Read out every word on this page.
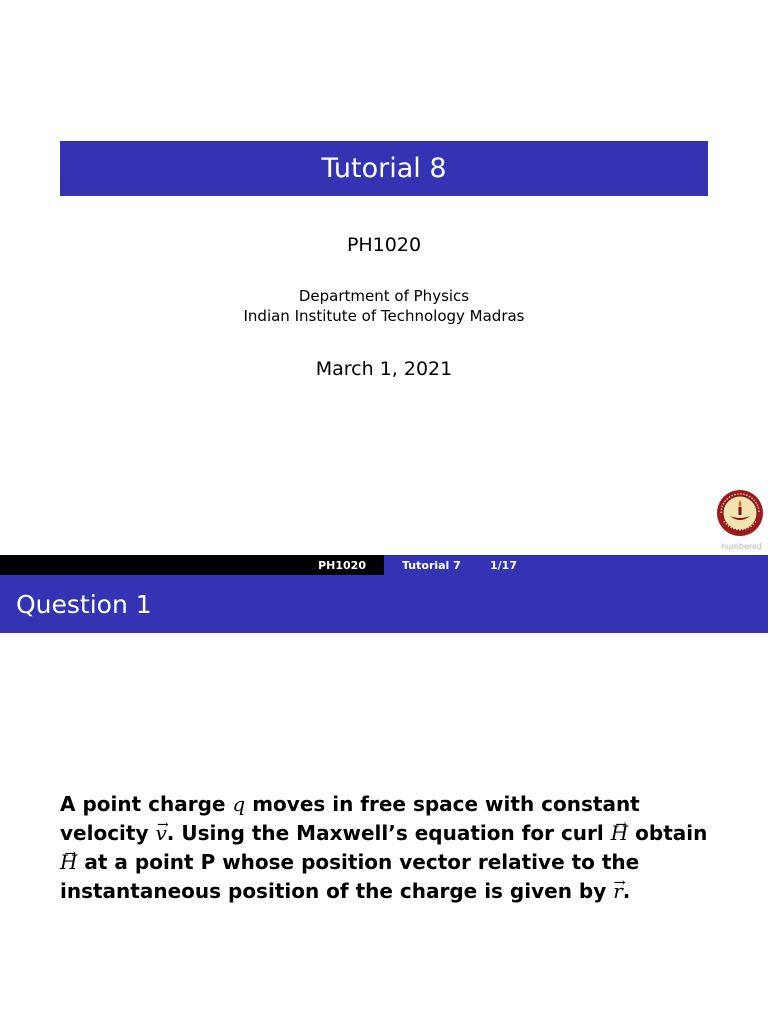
Tutorial 8
PH1020
Department of Physics
Indian Institute of Technology Madras
March 1, 2021
numbered
PH1020	Tutorial 7	1/17
Question 1
A point charge q moves in free space with constant velocity → v. Using the Maxwell’s equation for curl → H obtain → H at a point P whose position vector relative to the instantaneous position of the charge is given by → r.
